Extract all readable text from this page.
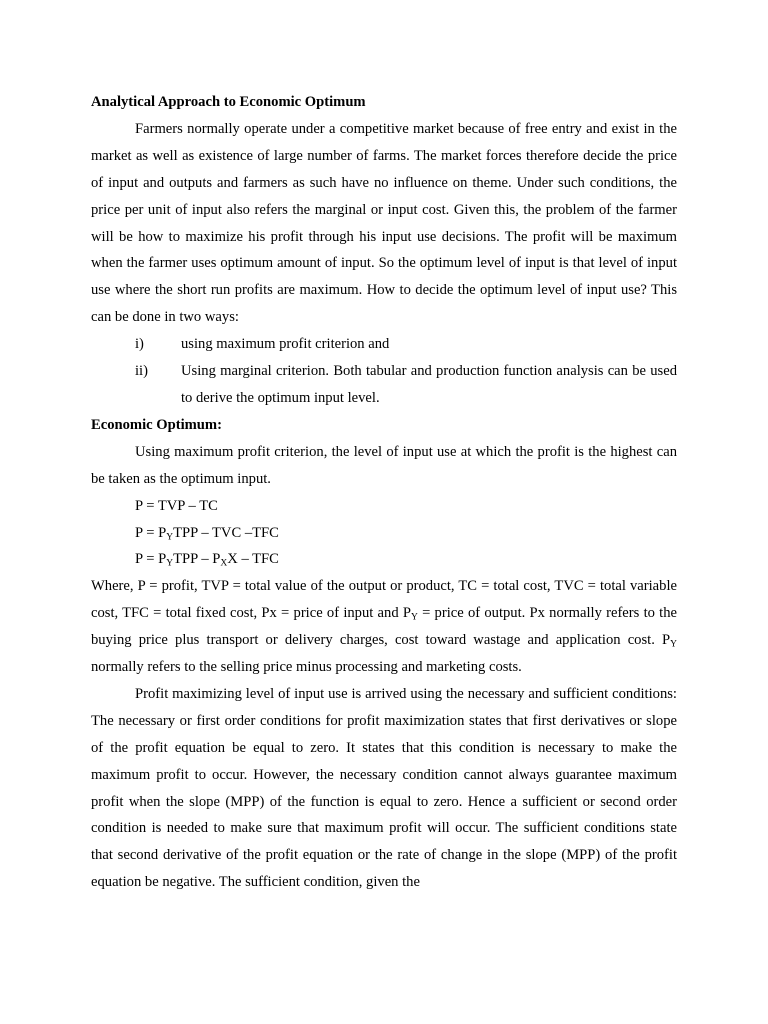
Analytical Approach to Economic Optimum

Farmers normally operate under a competitive market because of free entry and exist in the market as well as existence of large number of farms. The market forces therefore decide the price of input and outputs and farmers as such have no influence on theme. Under such conditions, the price per unit of input also refers the marginal or input cost. Given this, the problem of the farmer will be how to maximize his profit through his input use decisions. The profit will be maximum when the farmer uses optimum amount of input. So the optimum level of input is that level of input use where the short run profits are maximum. How to decide the optimum level of input use? This can be done in two ways:

i)	using maximum profit criterion and
ii) Using marginal criterion. Both tabular and production function analysis can be used to derive the optimum input level.

Economic Optimum:

Using maximum profit criterion, the level of input use at which the profit is the highest can be taken as the optimum input.

P = TVP – TC
$P = P_YTPP$ – TVC –TFC
$P = P_YTPP - P_XX$ – TFC

Where, P = profit, TVP = total value of the output or product, TC = total cost, TVC = total variable cost, TFC = total fixed cost, Px = price of input and $P_Y$ = price of output. Px normally refers to the buying price plus transport or delivery charges, cost toward wastage and application cost. $P_Y$ normally refers to the selling price minus processing and marketing costs.

Profit maximizing level of input use is arrived using the necessary and sufficient conditions: The necessary or first order conditions for profit maximization states that first derivatives or slope of the profit equation be equal to zero. It states that this condition is necessary to make the maximum profit to occur. However, the necessary condition cannot always guarantee maximum profit when the slope (MPP) of the function is equal to zero. Hence a sufficient or second order condition is needed to make sure that maximum profit will occur. The sufficient conditions state that second derivative of the profit equation or the rate of change in the slope (MPP) of the profit equation be negative. The sufficient condition, given the
